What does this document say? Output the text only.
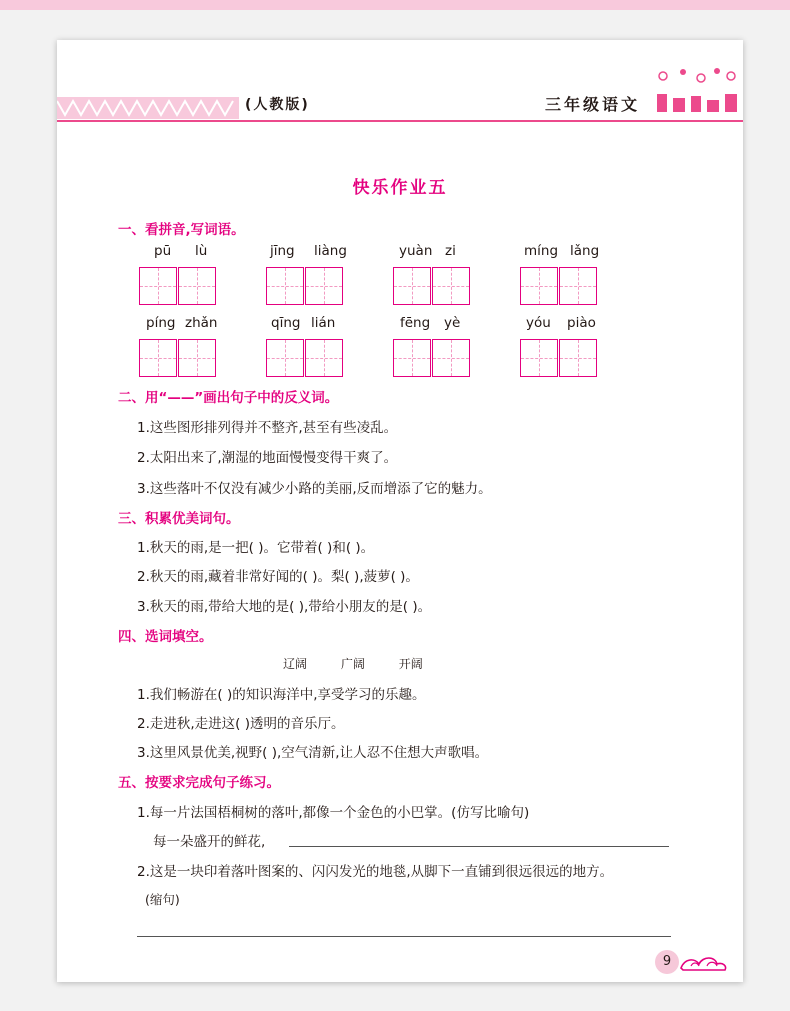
(人教版)	三年级语文
快乐作业五
一、看拼音,写词语。
pū lù	jīng liàng	yuàn zi	míng lǎng
píng zhǎn	qīng lián	fēng yè	yóu piào
二、用“——”画出句子中的反义词。
1.这些图形排列得并不整齐,甚至有些凌乱。
2.太阳出来了,潮湿的地面慢慢变得干爽了。
3.这些落叶不仅没有减少小路的美丽,反而增添了它的魅力。
三、积累优美词句。
1.秋天的雨,是一把( )。它带着( )和( )。
2.秋天的雨,藏着非常好闻的( )。梨( ),菠萝( )。
3.秋天的雨,带给大地的是( ),带给小朋友的是( )。
四、选词填空。
辽阔	广阔	开阔
1.我们畅游在( )的知识海洋中,享受学习的乐趣。
2.走进秋,走进这( )透明的音乐厅。
3.这里风景优美,视野( ),空气清新,让人忍不住想大声歌唱。
五、按要求完成句子练习。
1.每一片法国梧桐树的落叶,都像一个金色的小巴掌。(仿写比喻句)
每一朵盛开的鲜花,
2.这是一块印着落叶图案的、闪闪发光的地毯,从脚下一直铺到很远很远的地方。
(缩句)
9
